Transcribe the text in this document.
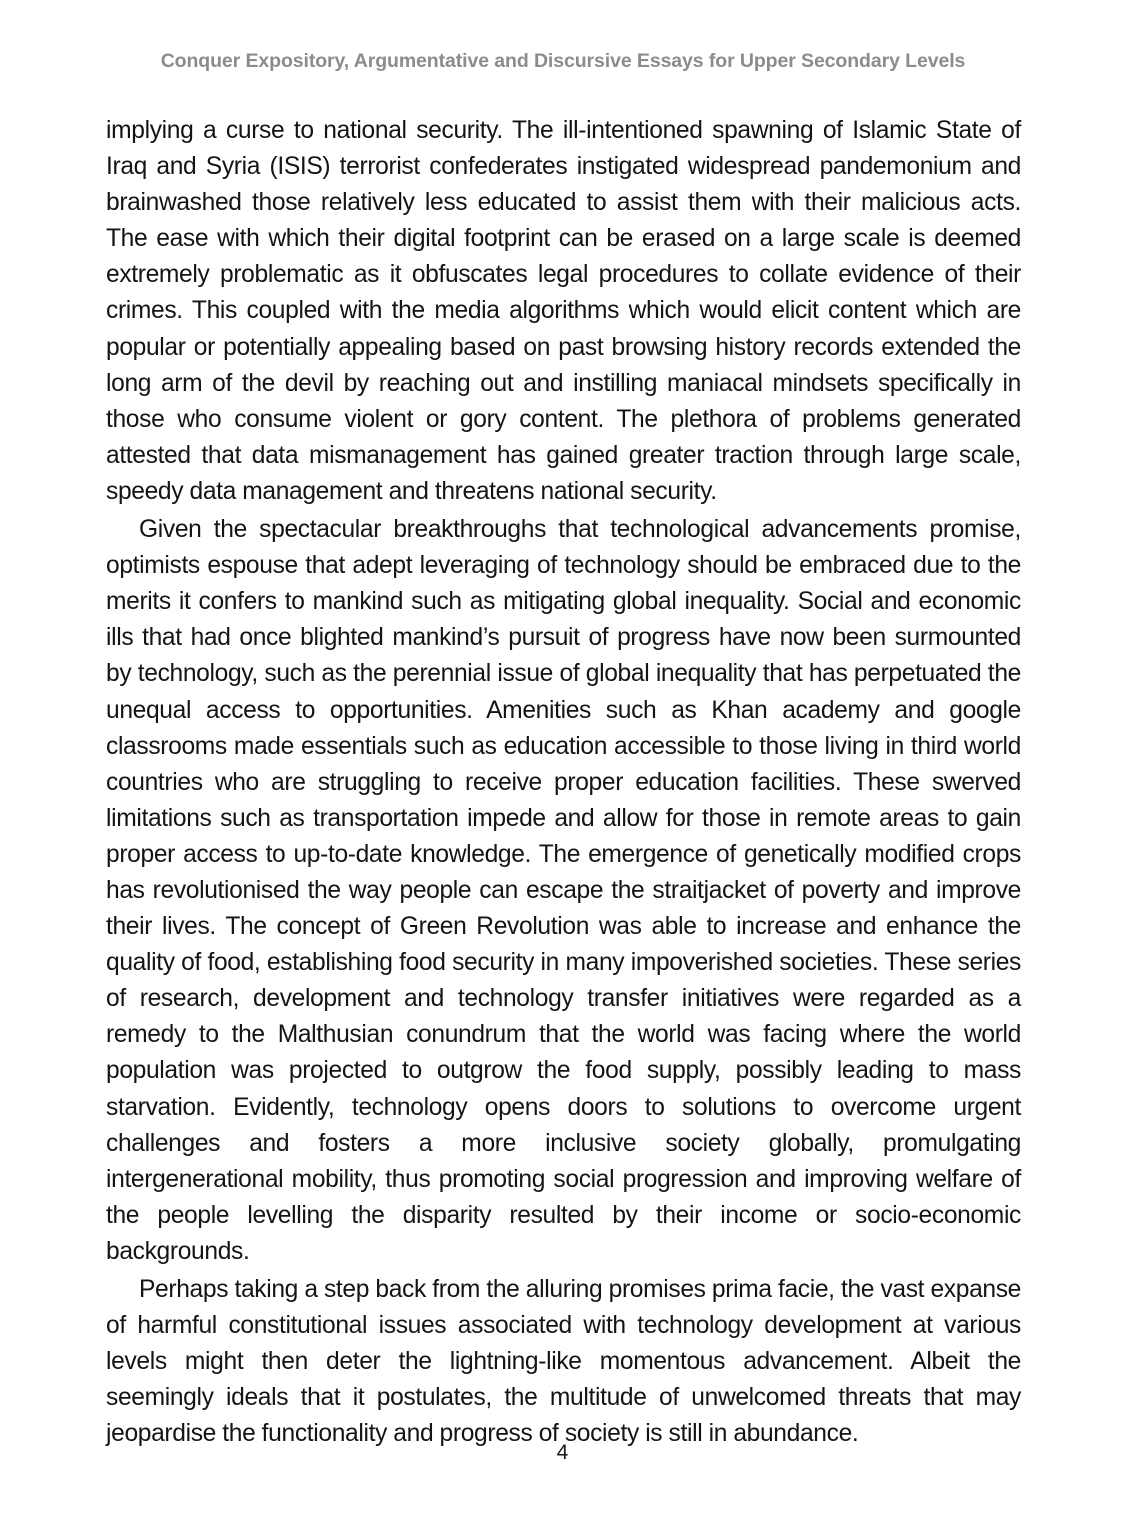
Conquer Expository, Argumentative and Discursive Essays for Upper Secondary Levels

implying a curse to national security. The ill-intentioned spawning of Islamic State of Iraq and Syria (ISIS) terrorist confederates instigated widespread pandemonium and brainwashed those relatively less educated to assist them with their malicious acts. The ease with which their digital footprint can be erased on a large scale is deemed extremely problematic as it obfuscates legal procedures to collate evidence of their crimes. This coupled with the media algorithms which would elicit content which are popular or potentially appealing based on past browsing history records extended the long arm of the devil by reaching out and instilling maniacal mindsets specifically in those who consume violent or gory content. The plethora of problems generated attested that data mismanagement has gained greater traction through large scale, speedy data management and threatens national security.

Given the spectacular breakthroughs that technological advancements promise, optimists espouse that adept leveraging of technology should be embraced due to the merits it confers to mankind such as mitigating global inequality. Social and economic ills that had once blighted mankind’s pursuit of progress have now been surmounted by technology, such as the perennial issue of global inequality that has perpetuated the unequal access to opportunities. Amenities such as Khan academy and google classrooms made essentials such as education accessible to those living in third world countries who are struggling to receive proper education facilities. These swerved limitations such as transportation impede and allow for those in remote areas to gain proper access to up-to-date knowledge. The emergence of genetically modified crops has revolutionised the way people can escape the straitjacket of poverty and improve their lives. The concept of Green Revolution was able to increase and enhance the quality of food, establishing food security in many impoverished societies. These series of research, development and technology transfer initiatives were regarded as a remedy to the Malthusian conundrum that the world was facing where the world population was projected to outgrow the food supply, possibly leading to mass starvation. Evidently, technology opens doors to solutions to overcome urgent challenges and fosters a more inclusive society globally, promulgating intergenerational mobility, thus promoting social progression and improving welfare of the people levelling the disparity resulted by their income or socio-economic backgrounds.

Perhaps taking a step back from the alluring promises prima facie, the vast expanse of harmful constitutional issues associated with technology development at various levels might then deter the lightning-like momentous advancement. Albeit the seemingly ideals that it postulates, the multitude of unwelcomed threats that may jeopardise the functionality and progress of society is still in abundance.

4
